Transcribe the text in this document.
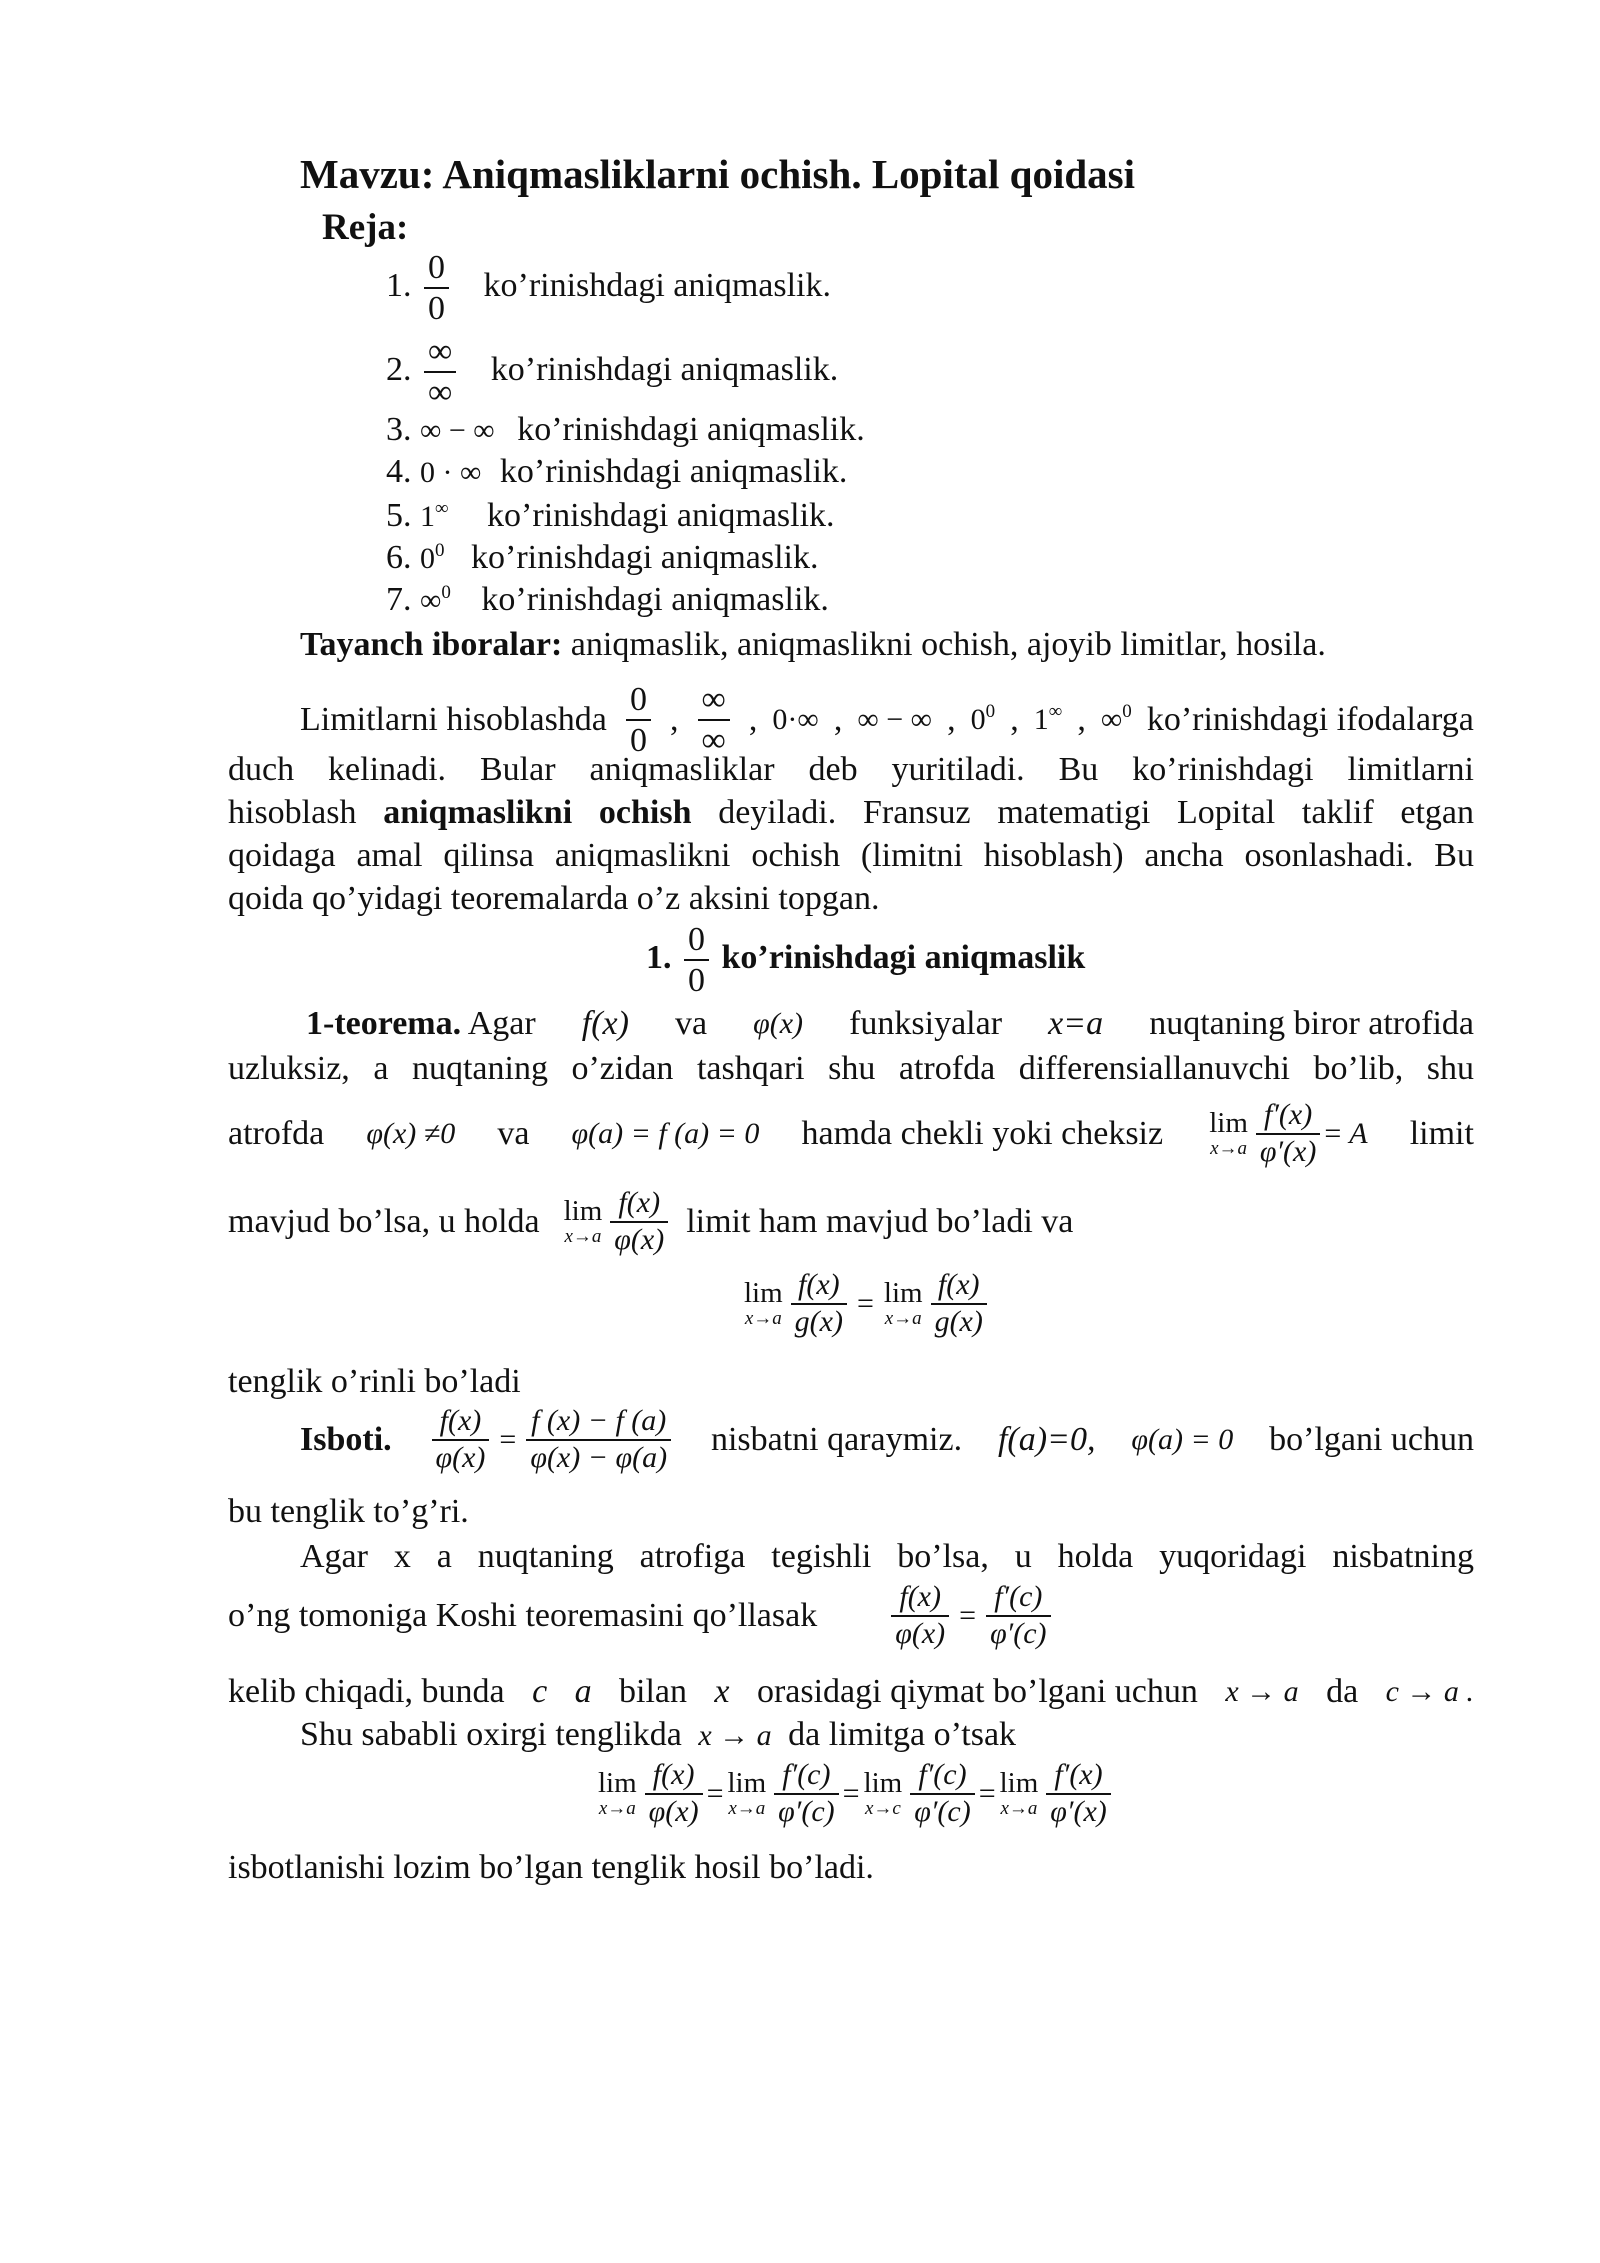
Mavzu: Aniqmasliklarni ochish. Lopital qoidasi
Reja:
1. $\frac{0}{0}$ ko’rinishdagi aniqmaslik.
2. $\frac{\infty}{\infty}$ ko’rinishdagi aniqmaslik.
3. ∞ − ∞ ko’rinishdagi aniqmaslik.
4. 0 · ∞ ko’rinishdagi aniqmaslik.
5. 1∞ ko’rinishdagi aniqmaslik.
6. $0^0$ ko’rinishdagi aniqmaslik.
7. ∞$^0$ ko’rinishdagi aniqmaslik.
Tayanch iboralar: aniqmaslik, aniqmaslikni ochish, ajoyib limitlar, hosila.
Limitlarni hisoblashda $\frac{0}{0}$ , $\frac{\infty}{\infty}$ , 0·∞ , ∞ − ∞ , $0^0$ , 1∞ , ∞$^0$ ko’rinishdagi ifodalarga
duch kelinadi. Bular aniqmasliklar deb yuritiladi. Bu ko’rinishdagi limitlarni
hisoblash aniqmaslikni ochish deyiladi. Fransuz matematigi Lopital taklif etgan
qoidaga amal qilinsa aniqmaslikni ochish (limitni hisoblash) ancha osonlashadi. Bu
qoida qo’yidagi teoremalarda o’z aksini topgan.
1. $\frac{0}{0}$ ko’rinishdagi aniqmaslik
1-teorema. Agar f(x) va φ(x) funksiyalar x=a nuqtaning biror atrofida
uzluksiz, a nuqtaning o’zidan tashqari shu atrofda differensiallanuvchi bo’lib, shu
atrofda φ(x) ≠0 va φ(a) = f (a) = 0 hamda chekli yoki cheksiz lim
$x\to a \frac{f'(x)}{\varphi'(x)} = A$ limit
mavjud bo’lsa, u holda lim
$x\to a \frac{f(x)}{\varphi(x)}$ limit ham mavjud bo’ladi va
lim
$x\to a \frac{f(x)}{g(x)} = \lim$
$x\to a \frac{f(x)}{g(x)}$
tenglik o’rinli bo’ladi
Isboti. $\frac{f(x)}{\varphi(x)} = \frac{f (x) - f (a)}{\varphi(x) - \varphi(a)}$ nisbatni qaraymiz. f(a)=0, φ(a) = 0 bo’lgani uchun
bu tenglik to’g’ri.
Agar x a nuqtaning atrofiga tegishli bo’lsa, u holda yuqoridagi nisbatning
o’ng tomoniga Koshi teoremasini qo’llasak $\frac{f(x)}{\varphi(x)} = \frac{f'(c)}{\varphi'(c)}$
kelib chiqadi, bunda c a bilan x orasidagi qiymat bo’lgani uchun x → a da c → a .
Shu sababli oxirgi tenglikda x → a da limitga o’tsak
lim
$x\to a \frac{f(x)}{\varphi(x)} = \lim$
$x\to a \frac{f'(c)}{\varphi'(c)} = \lim$
$x\to c \frac{f'(c)}{\varphi'(c)} = \lim$
$x\to a \frac{f'(x)}{\varphi'(x)}$
isbotlanishi lozim bo’lgan tenglik hosil bo’ladi.
